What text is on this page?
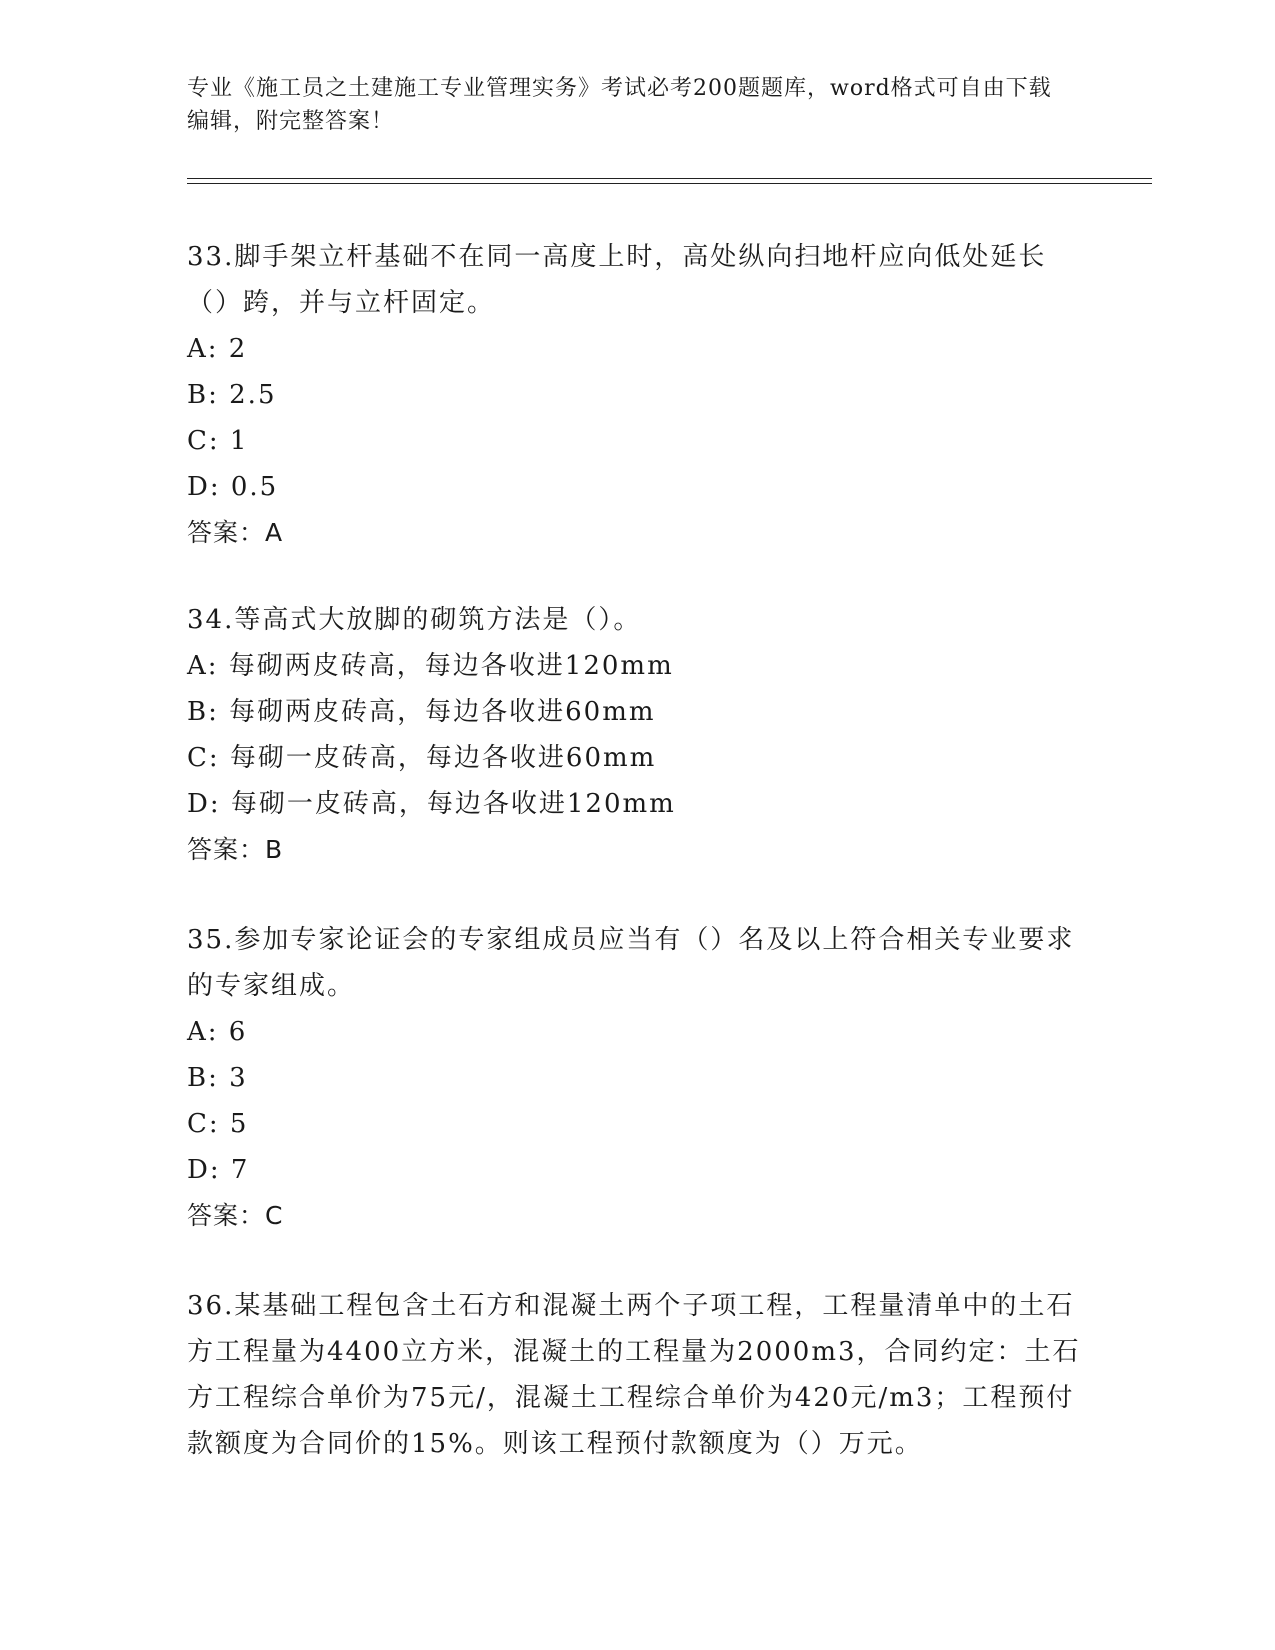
专业《施工员之土建施工专业管理实务》考试必考200题题库，word格式可自由下载编辑，附完整答案！

33.脚手架立杆基础不在同一高度上时，高处纵向扫地杆应向低处延长（）跨，并与立杆固定。

A: 2

B: 2.5

C: 1

D: 0.5

答案：A

34.等高式大放脚的砌筑方法是（）。

A: 每砌两皮砖高，每边各收进120mm

B: 每砌两皮砖高，每边各收进60mm

C: 每砌一皮砖高，每边各收进60mm

D: 每砌一皮砖高，每边各收进120mm

答案：B

35.参加专家论证会的专家组成员应当有（）名及以上符合相关专业要求的专家组成。

A: 6

B: 3

C: 5

D: 7

答案：C

36.某基础工程包含土石方和混凝土两个子项工程，工程量清单中的土石方工程量为4400立方米，混凝土的工程量为2000m3，合同约定：土石方工程综合单价为75元/，混凝土工程综合单价为420元/m3；工程预付款额度为合同价的15%。则该工程预付款额度为（）万元。
